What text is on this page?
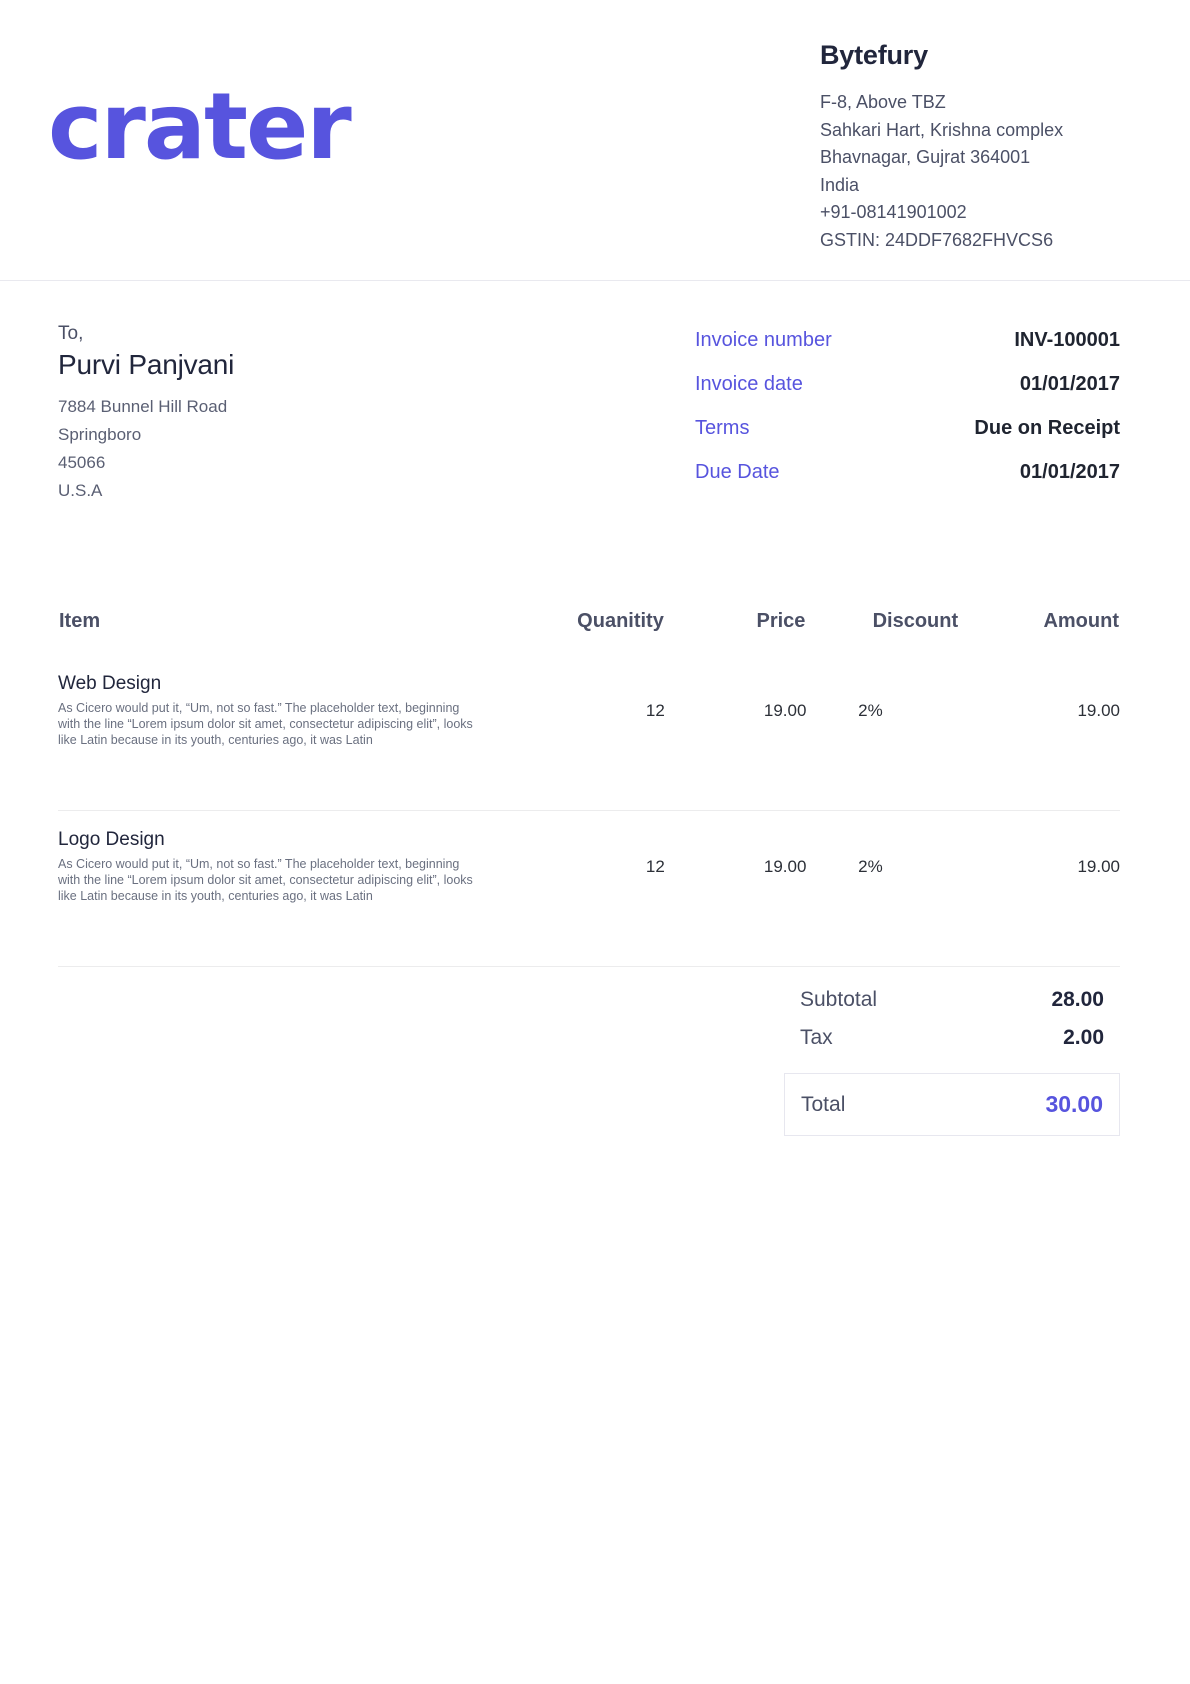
crater
Bytefury
F-8, Above TBZ
Sahkari Hart, Krishna complex
Bhavnagar, Gujrat 364001
India
+91-08141901002
GSTIN: 24DDF7682FHVCS6
To,
Purvi Panjvani
7884 Bunnel Hill Road
Springboro
45066
U.S.A
Invoice number	INV-100001
Invoice date	01/01/2017
Terms	Due on Receipt
Due Date	01/01/2017
Item	Quanitity	Price	Discount	Amount

Web Design
As Cicero would put it, “Um, not so fast.” The placeholder text, beginning with the line “Lorem ipsum dolor sit amet, consectetur adipiscing elit”, looks like Latin because in its youth, centuries ago, it was Latin	12	19.00	2%	19.00

Logo Design
As Cicero would put it, “Um, not so fast.” The placeholder text, beginning with the line “Lorem ipsum dolor sit amet, consectetur adipiscing elit”, looks like Latin because in its youth, centuries ago, it was Latin	12	19.00	2%	19.00

Subtotal	28.00
Tax	2.00
Total	30.00
